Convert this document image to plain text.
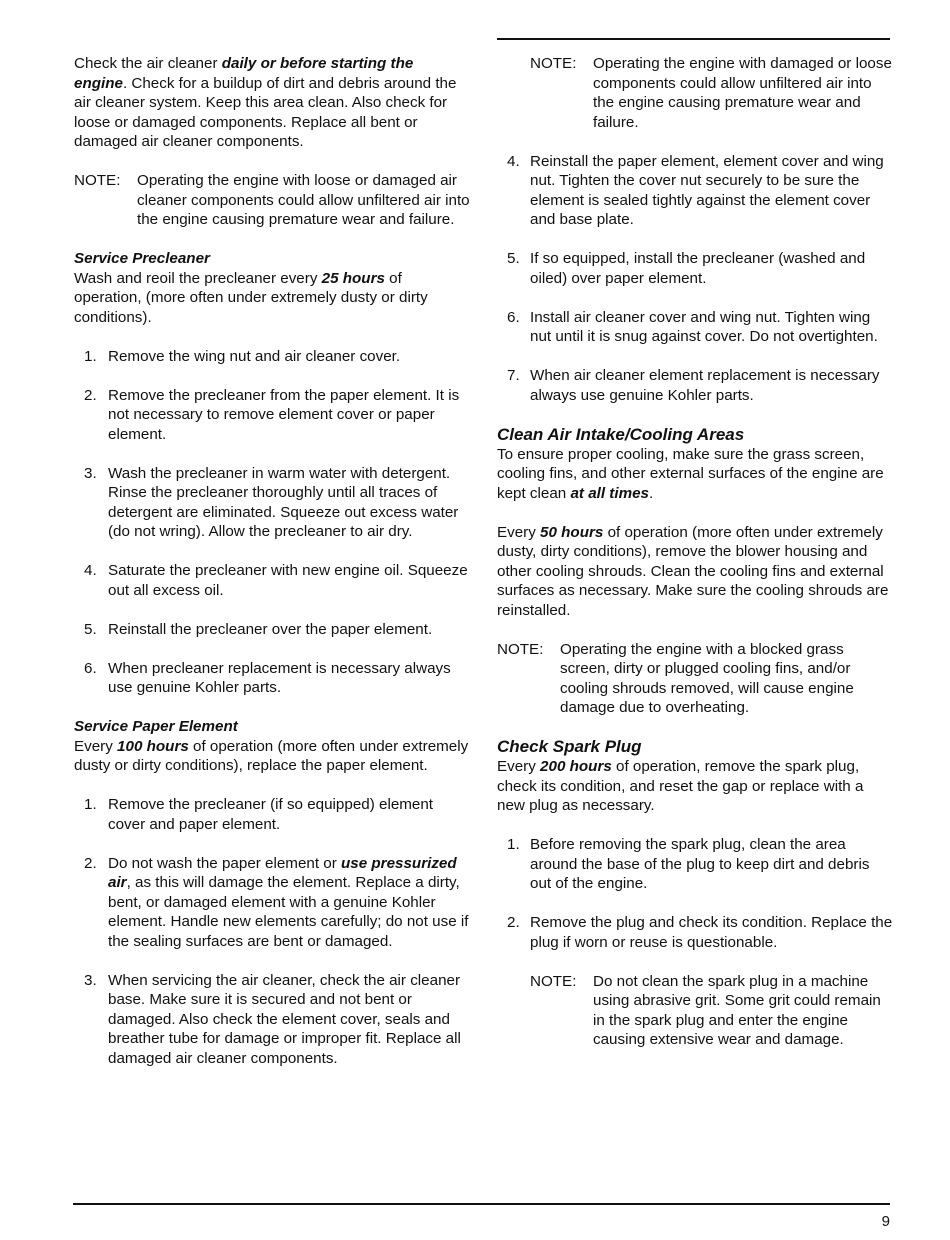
Check the air cleaner daily or before starting the engine. Check for a buildup of dirt and debris around the air cleaner system. Keep this area clean. Also check for loose or damaged components. Replace all bent or damaged air cleaner components.

NOTE:	Operating the engine with loose or damaged air cleaner components could allow unfiltered air into the engine causing premature wear and failure.
Service Precleaner

Wash and reoil the precleaner every 25 hours of operation, (more often under extremely dusty or dirty conditions).

1. Remove the wing nut and air cleaner cover.
2. Remove the precleaner from the paper element. It is not necessary to remove element cover or paper element.
3. Wash the precleaner in warm water with detergent. Rinse the precleaner thoroughly until all traces of detergent are eliminated. Squeeze out excess water (do not wring). Allow the precleaner to air dry.
4. Saturate the precleaner with new engine oil. Squeeze out all excess oil.
5. Reinstall the precleaner over the paper element.
6. When precleaner replacement is necessary always use genuine Kohler parts.
Service Paper Element

Every 100 hours of operation (more often under extremely dusty or dirty conditions), replace the paper element.

1. Remove the precleaner (if so equipped) element cover and paper element.
2. Do not wash the paper element or use pressurized air, as this will damage the element. Replace a dirty, bent, or damaged element with a genuine Kohler element. Handle new elements carefully; do not use if the sealing surfaces are bent or damaged.
3. When servicing the air cleaner, check the air cleaner base. Make sure it is secured and not bent or damaged. Also check the element cover, seals and breather tube for damage or improper fit. Replace all damaged air cleaner components.
NOTE:	Operating the engine with damaged or loose components could allow unfiltered air into the engine causing premature wear and failure.
4. Reinstall the paper element, element cover and wing nut. Tighten the cover nut securely to be sure the element is sealed tightly against the element cover and base plate.
5. If so equipped, install the precleaner (washed and oiled) over paper element.
6. Install air cleaner cover and wing nut. Tighten wing nut until it is snug against cover. Do not overtighten.
7. When air cleaner element replacement is necessary always use genuine Kohler parts.
Clean Air Intake/Cooling Areas

To ensure proper cooling, make sure the grass screen, cooling fins, and other external surfaces of the engine are kept clean at all times.

Every 50 hours of operation (more often under extremely dusty, dirty conditions), remove the blower housing and other cooling shrouds. Clean the cooling fins and external surfaces as necessary. Make sure the cooling shrouds are reinstalled.

NOTE:	Operating the engine with a blocked grass screen, dirty or plugged cooling fins, and/or cooling shrouds removed, will cause engine damage due to overheating.
Check Spark Plug

Every 200 hours of operation, remove the spark plug, check its condition, and reset the gap or replace with a new plug as necessary.

1. Before removing the spark plug, clean the area around the base of the plug to keep dirt and debris out of the engine.
2. Remove the plug and check its condition. Replace the plug if worn or reuse is questionable.
NOTE:	Do not clean the spark plug in a machine using abrasive grit. Some grit could remain in the spark plug and enter the engine causing extensive wear and damage.
9
